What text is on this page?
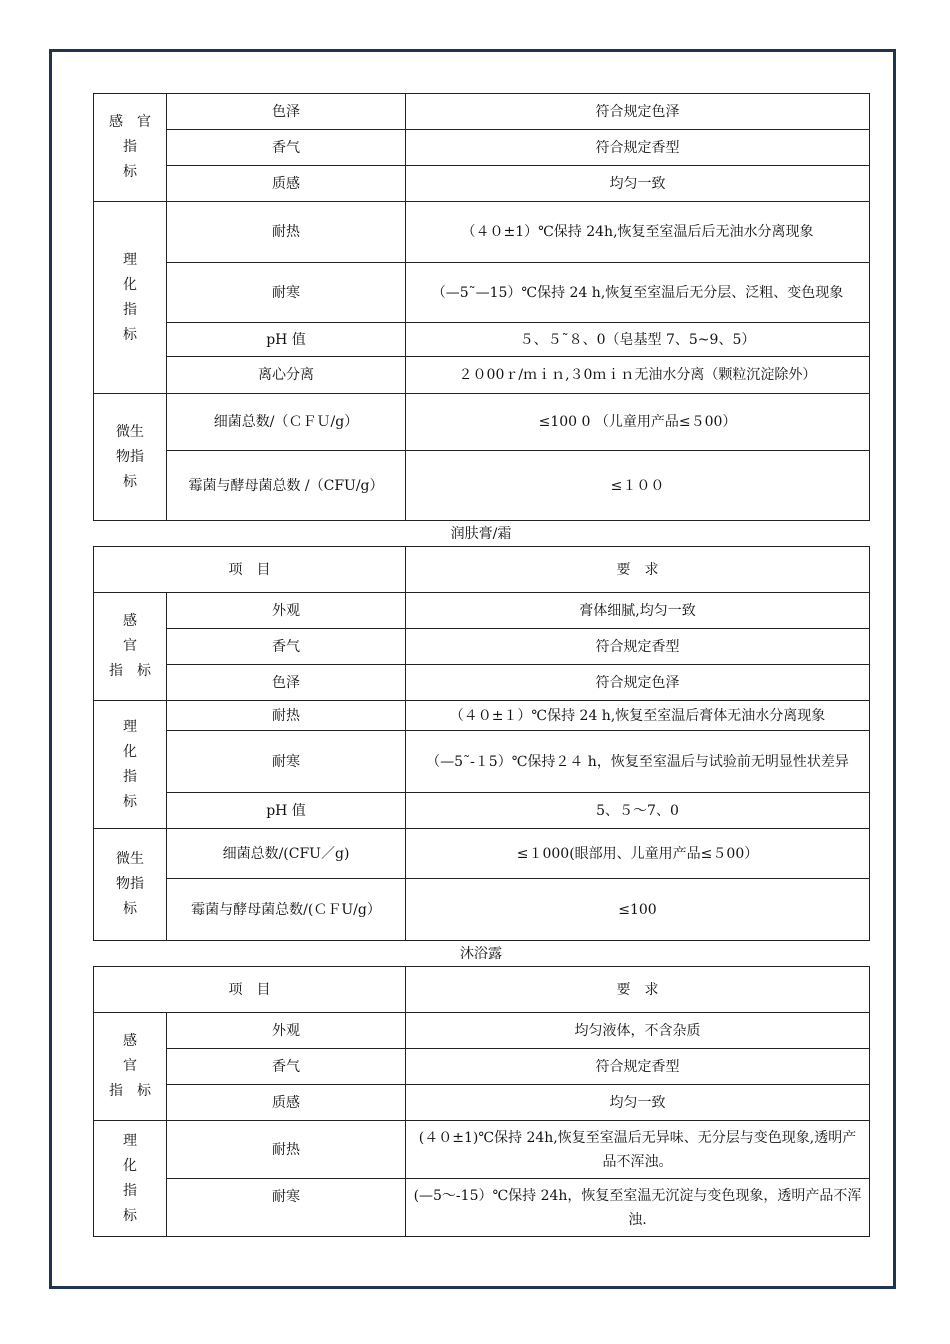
感　官
指
标	色泽	符合规定色泽
	香气	符合规定香型
	质感	均匀一致

理
化
指
标	耐热	（４０±1）℃保持 24h,恢复至室温后后无油水分离现象
	耐寒	（—5˜—15）℃保持 24 h,恢复至室温后无分层、泛粗、变色现象
	pH 值	５、５˜８、0（皂基型 7、5~9、5）
	离心分离	２０00ｒ/ｍｉｎ,３0ｍｉｎ无油水分离（颗粒沉淀除外）

微生
物指
标	细菌总数/（ＣＦＵ/g）	≤100 0 （儿童用产品≤５00）
	霉菌与酵母菌总数 /（CFU/g）	≤１００
润肤膏/霜
项　目		要　求

感
官
指　标	外观	膏体细腻,均匀一致
	香气	符合规定香型
	色泽	符合规定色泽

理
化
指
标	耐热	（４０±１）℃保持 24 h,恢复至室温后膏体无油水分离现象
	耐寒	（—5˜-１5）℃保持２４ h，恢复至室温后与试验前无明显性状差异
	pH 值	5、５～7、0

微生
物指
标	细菌总数/(CFU／g)	≤１000(眼部用、儿童用产品≤５00）
	霉菌与酵母菌总数/(ＣＦU/g）	≤100
沐浴露
项　目		要　求

感
官
指　标	外观	均匀液体，不含杂质
	香气	符合规定香型
	质感	均匀一致

理
化
指
标	耐热	(４０±1)℃保持 24h,恢复至室温后无异味、无分层与变色现象,透明产品不浑浊。
	耐寒	(—5～-15）℃保持 24h，恢复至室温无沉淀与变色现象，透明产品不浑浊.
